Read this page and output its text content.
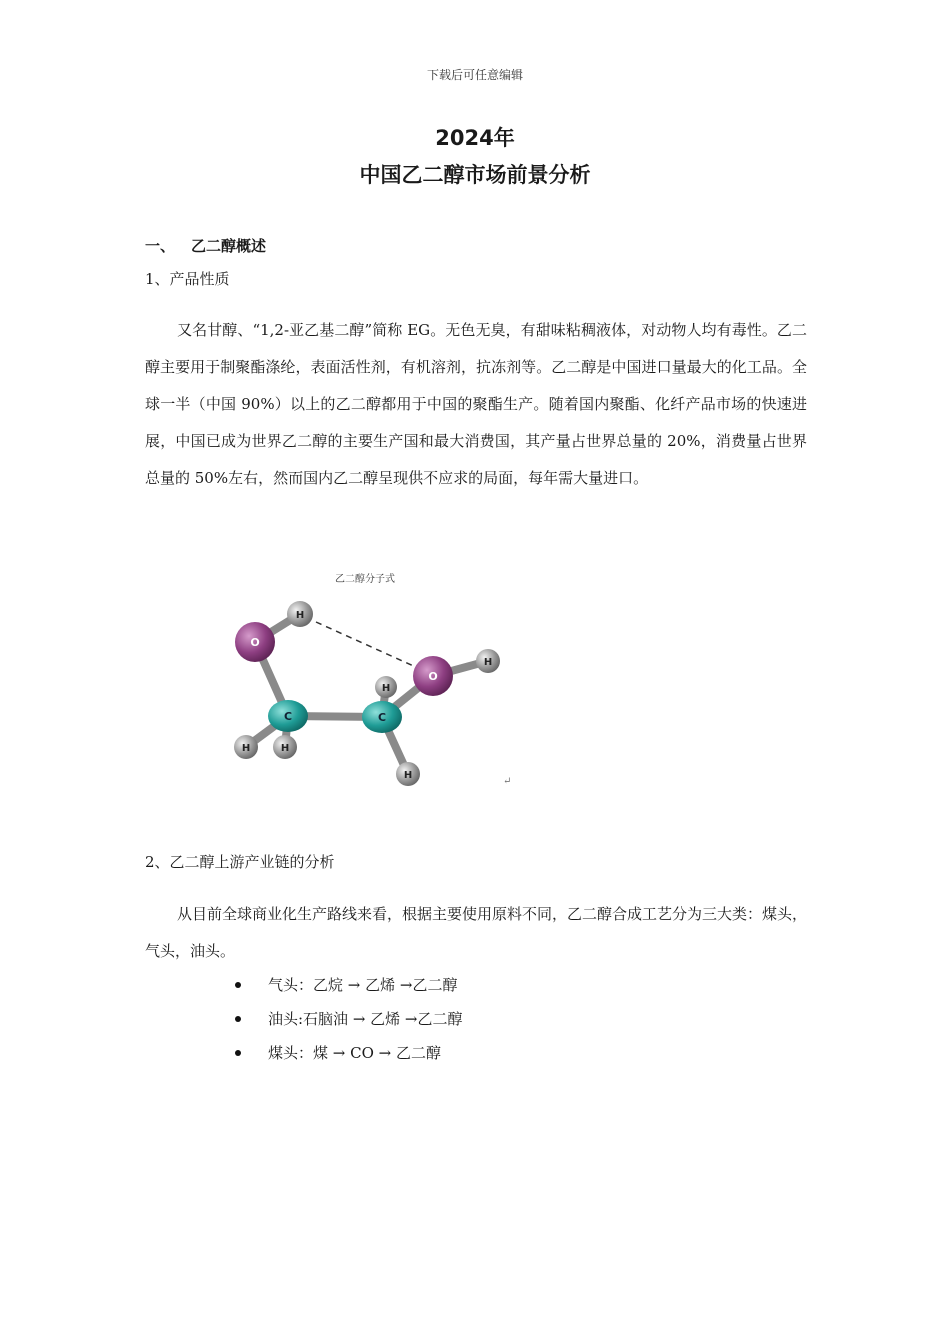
下载后可任意编辑
2024年
中国乙二醇市场前景分析
一、 乙二醇概述
1、产品性质

又名甘醇、“1,2-亚乙基二醇”简称 EG。无色无臭，有甜味粘稠液体，对动物人均有毒性。乙二醇主要用于制聚酯涤纶，表面活性剂，有机溶剂，抗冻剂等。乙二醇是中国进口量最大的化工品。全球一半（中国 90%）以上的乙二醇都用于中国的聚酯生产。随着国内聚酯、化纤产品市场的快速进展，中国已成为世界乙二醇的主要生产国和最大消费国，其产量占世界总量的 20%，消费量占世界总量的 50%左右，然而国内乙二醇呈现供不应求的局面，每年需大量进口。

乙二醇分子式
H
O
H
O
H
C	C
H	H
H
↵
2、乙二醇上游产业链的分析

从目前全球商业化生产路线来看，根据主要使用原料不同，乙二醇合成工艺分为三大类：煤头，气头，油头。

气头：乙烷 → 乙烯 →乙二醇
油头:石脑油 → 乙烯 →乙二醇
煤头：煤 → CO → 乙二醇
